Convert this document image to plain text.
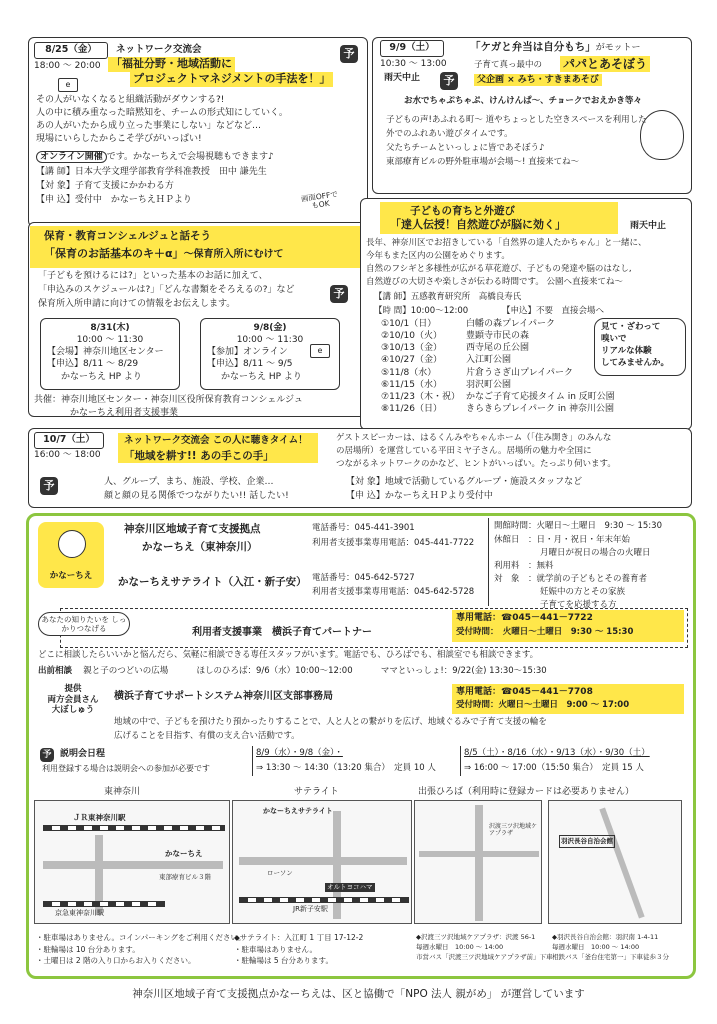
8/25（金）
18:00 ～ 20:00
ネットワーク交流会	予
「福祉分野・地域活動に
プロジェクトマネジメントの手法を！」
e
その人がいなくなると組織活動がダウンする?!
人の中に積み重なった暗黙知を、チームの形式知にしていく。
あの人がいたから成り立った事業にしない」などなど…
現場にいらしたからこそ学びがいっぱい!
オンライン開催 です。かなーちえで会場視聴もできます♪
【講 師】日本大学文理学部教育学科准教授　田中 謙先生
【対 象】子育て支援にかかわる方
【申 込】受付中　かなーちえＨＰより	画面OFFでもOK
9/9（土）
10:30 ～ 13:00
雨天中止
「ケガと弁当は自分もち」がモットー
予
子育て真っ最中の パパとあそぼう
父企画 × みち・すきまあそび
お水でちゃぷちゃぷ、けんけんぱ～、チョークでおえかき等々
子どもの声!あふれる町～ 道やちょっとした空きスペースを利用した
外でのふれあい遊びタイムです。
父たちチームといっしょに皆であそぼう♪
東部療育ビルの野外駐車場が会場～! 直接来てね～
保育・教育コンシェルジュと話そう
「保育のお話基本のキ＋α」～保育所入所にむけて
「子どもを預けるには?」といった基本のお話に加えて、
「申込みのスケジュールは?」「どんな書類をそろえるの?」など
保育所入所申請に向けての情報をお伝えします。
予
8/31(木)
10:00 ～ 11:30
【会場】神奈川地区センター
【申込】8/11 ～ 8/29
かなーちえ HP より
9/8(金)
10:00 ～ 11:30
【参加】オンライン
【申込】8/11 ～ 9/5
かなーちえ HP より
e
共催：神奈川地区センター・神奈川区役所保育教育コンシェルジュ
かなーちえ利用者支援事業
子どもの育ちと外遊び
「達人伝授！自然遊びが脳に効く」	雨天中止
長年、神奈川区でお招きしている「自然界の達人たかちゃん」と一緒に、
今年もまた区内の公園をめぐります。
自然のフシギと多様性が広がる草花遊び、子どもの発達や脳のはなし,
自然遊びの大切さや楽しさが伝わる時間です。 公園へ直接来てね～
【講 師】五感教育研究所　高橋良寿氏
【時 間】10:00～12:00	【申込】不要　直接会場へ
①10/1（日）	白幡の森プレイパーク
②10/10（火）	豊顕寺市民の森
③10/13（金）	西寺尾の丘公園
④10/27（金）	入江町公園
⑤11/8（水）	片倉うさぎ山プレイパーク
⑥11/15（水）	羽沢町公園
⑦11/23（木・祝）	かなご子育て応援タイム in 反町公園
⑧11/26（日）	きらきらプレイパーク in 神奈川公園
見て・ざわって
嗅いで
リアルな体験
してみませんか。
10/7（土）
16:00 ～ 18:00
ネットワーク交流会 この人に聴きタイム！
「地域を耕す!! あの手この手」
ゲストスピーカーは、はるくんみやちゃんホーム（「住み開き」のみんな
の居場所）を運営している平田ミヤ子さん。居場所の魅力や全国に
つながるネットワークのかなど、ヒントがいっぱい。たっぷり伺います。
予	人、グループ、まち、施設、学校、企業…
顔と顔の見る関係でつながりたい!! 話したい!
【対 象】地域で活動しているグループ・施設スタッフなど
【申 込】かなーちえＨＰより受付中
かなーちえ
神奈川区地域子育て支援拠点
かなーちえ（東神奈川）
電話番号：045-441-3901
利用者支援事業専用電話：045-441-7722
かなーちえサテライト（入江・新子安） 電話番号：045-642-5727
利用者支援事業専用電話：045-642-5728
開館時間：火曜日～土曜日　9:30 ～ 15:30
休館日　：日・月・祝日・年末年始
月曜日が祝日の場合の火曜日
利用料　：無料
対　象　：就学前の子どもとその養育者
妊娠中の方とその家族
子育てを応援する方
あなたの知りたいを しっかりつなげる	利用者支援事業　横浜子育てパートナー
専用電話：☎045－441－7722
受付時間：　火曜日～土曜日　9:30 ～ 15:30
どこに相談したらいいかと悩んだら、気軽に相談できる専任スタッフがいます。電話でも、ひろばでも、相談室でも相談できます。
出前相談　 親と子のつどいの広場　　　	ほしのひろば：9/6（水）10:00～12:00　　　	ママといっしょ!：9/22(金) 13:30～15:30
提供
両方会員さん
大ぼしゅう
横浜子育てサポートシステム神奈川区支部事務局	専用電話：☎045－441－7708
受付時間：火曜日～土曜日　9:00 ～ 17:00
地域の中で、子どもを預けたり預かったりすることで、人と人との繋がりを広げ、地域ぐるみで子育て支援の輪を
広げることを目指す、有償の支え合い活動です。
予 説明会日程
利用登録する場合は説明会への参加が必要です
8/9（水）・9/8（金）・
⇒ 13:30 ～ 14:30（13:20 集合）　定員 10 人
8/5（土）・8/16（水）・9/13（水）・9/30（土）
⇒ 16:00 ～ 17:00（15:50 集合）　定員 15 人
東神奈川
ＪＲ東神奈川駅
かなーちえ
東部療育ビル３階
京急東神奈川駅
サテライト
かなーちえサテライト
ローソン
オルトヨコハマ
JR新子安駅
出張ひろば（利用時に登録カードは必要ありません）
沢渡三ツ沢地域ケアプラザ
羽沢長谷自治会館
・駐車場はありません。コインパーキングをご利用ください。
・駐輪場は 10 台分あります。
・土曜日は 2 階の入り口からお入りください。
◆サテライト：入江町 1 丁目 17-12-2
・駐車場はありません。
・駐輪場は 5 台分あります。
◆沢渡三ツ沢地域ケアプラザ：沢渡 56-1
毎週水曜日　10:00 ～ 14:00
市営バス「沢渡三ツ沢地域ケアプラザ前」下車
◆羽沢長谷自治会館：羽沢南 1-4-11
毎週水曜日　10:00 ～ 14:00
相鉄バス「釜台住宅第一」下車徒歩３分
神奈川区地域子育て支援拠点かなーちえは、区と協働で「NPO 法人 親がめ」 が運営しています
